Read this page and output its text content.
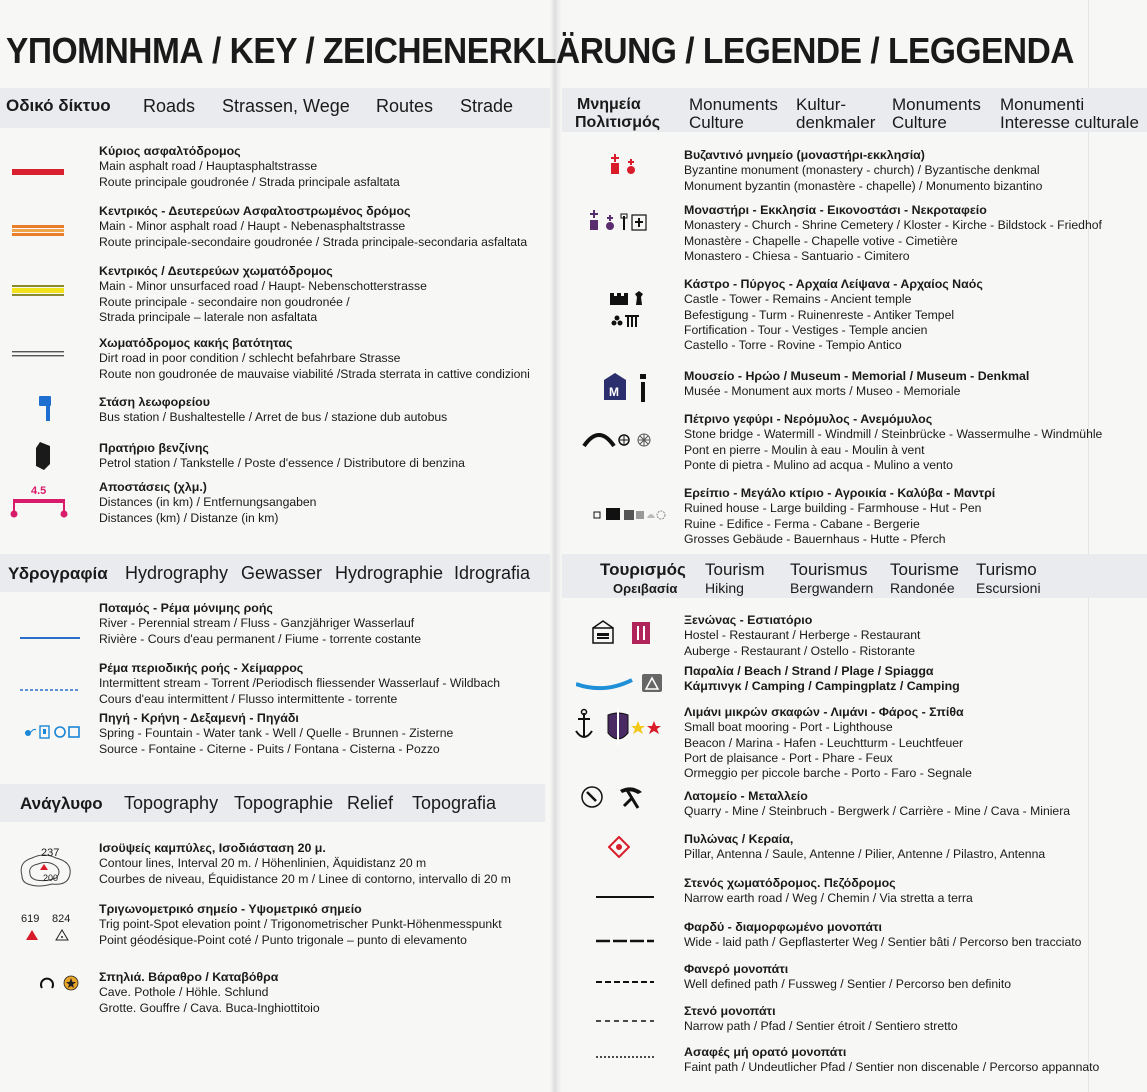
ΥΠΟΜΝΗΜΑ / KEY / ZEICHENERKLÄRUNG / LEGENDE / LEGGENDA
Οδικό δίκτυο Roads Strassen, Wege Routes Strade
Κύριος ασφαλτόδρομος
Main asphalt road / Hauptasphaltstrasse
Route principale goudronée / Strada principale asfaltata
Κεντρικός - Δευτερεύων Ασφαλτοστρωμένος δρόμος
Main - Minor asphalt road / Haupt - Nebenasphaltstrasse
Route principale-secondaire goudronée / Strada principale-secondaria asfaltata
Κεντρικός / Δευτερεύων χωματόδρομος
Main - Minor unsurfaced road / Haupt- Nebenschotterstrasse
Route principale - secondaire non goudronée /
Strada principale – laterale non asfaltata
Χωματόδρομος κακής βατότητας
Dirt road in poor condition / schlecht befahrbare Strasse
Route non goudronée de mauvaise viabilité /Strada sterrata in cattive condizioni
Στάση λεωφορείου
Bus station / Bushaltestelle / Arret de bus / stazione dub autobus
Πρατήριο βενζίνης
Petrol station / Tankstelle / Poste d'essence / Distributore di benzina
4.5	Αποστάσεις (χλμ.)
Distances (in km) / Entfernungsangaben
Distances (km) / Distanze (in km)
Υδρογραφία Hydrography Gewasser Hydrographie Idrografia
Ποταμός - Ρέμα μόνιμης ροής
River - Perennial stream / Fluss - Ganzjähriger Wasserlauf
Rivière - Cours d'eau permanent / Fiume - torrente costante
Ρέμα περιοδικής ροής - Χείμαρρος
Intermittent stream - Torrent /Periodisch fliessender Wasserlauf - Wildbach
Cours d'eau intermittent / Flusso intermittente - torrente
Πηγή - Κρήνη - Δεξαμενή - Πηγάδι
Spring - Fountain - Water tank - Well / Quelle - Brunnen - Zisterne
Source - Fontaine - Citerne - Puits / Fontana - Cisterna - Pozzo
Ανάγλυφο Topography Topographie Relief Topografia
237
200
Ισοϋψείς καμπύλες, Ισοδιάσταση 20 μ.
Contour lines, Interval 20 m. / Höhenlinien, Äquidistanz 20 m
Courbes de niveau, Équidistance 20 m / Linee di contorno, intervallo di 20 m
619 824
Τριγωνομετρικό σημείο - Υψομετρικό σημείο
Trig point-Spot elevation point / Trigonometrischer Punkt-Höhenmesspunkt
Point géodésique-Point coté / Punto trigonale – punto di elevamento
Σπηλιά. Βάραθρο / Καταβόθρα
Cave. Pothole / Höhle. Schlund
Grotte. Gouffre / Cava. Buca-Inghiottitoio
Μνημεία
Πολιτισμός
Monuments
Culture
Kultur-
denkmaler
Monuments
Culture
Monumenti
Interesse culturale
Βυζαντινό μνημείο (μοναστήρι-εκκλησία)
Byzantine monument (monastery - church) / Byzantische denkmal
Monument byzantin (monastère - chapelle) / Monumento bizantino
Μοναστήρι - Εκκλησία - Εικονοστάσι - Νεκροταφείο
Monastery - Church - Shrine Cemetery / Kloster - Kirche - Bildstock - Friedhof
Monastère - Chapelle - Chapelle votive - Cimetière
Monastero - Chiesa - Santuario - Cimitero
Κάστρο - Πύργος - Αρχαία Λείψανα - Αρχαίος Ναός
Castle - Tower - Remains - Ancient temple
Befestigung - Turm - Ruinenreste - Antiker Tempel
Fortification - Tour - Vestiges - Temple ancien
Castello - Torre - Rovine - Tempio Antico
M
Μουσείο - Ηρώο / Museum - Memorial / Museum - Denkmal
Musée - Monument aux morts / Museo - Memoriale
Πέτρινο γεφύρι - Νερόμυλος - Ανεμόμυλος
Stone bridge - Watermill - Windmill / Steinbrücke - Wassermulhe - Windmühle
Pont en pierre - Moulin à eau - Moulin à vent
Ponte di pietra - Mulino ad acqua - Mulino a vento
Ερείπιο - Μεγάλο κτίριο - Αγροικία - Καλύβα - Μαντρί
Ruined house - Large building - Farmhouse - Hut - Pen
Ruine - Edifice - Ferma - Cabane - Bergerie
Grosses Gebäude - Bauernhaus - Hutte - Pferch
Τουρισμός
Ορειβασία
Tourism
Hiking
Tourismus
Bergwandern
Tourisme
Randonée
Turismo
Escursioni
Ξενώνας - Εστιατόριο
Hostel - Restaurant / Herberge - Restaurant
Auberge - Restaurant / Ostello - Ristorante
Παραλία / Beach / Strand / Plage / Spiaggα
Κάμπινγκ / Camping / Campingplatz / Camping
Λιμάνι μικρών σκαφών - Λιμάνι - Φάρος - Σπίθα
Small boat mooring - Port - Lighthouse
Beacon / Marina - Hafen - Leuchtturm - Leuchtfeuer
Port de plaisance - Port - Phare - Feux
Ormeggio per piccole barche - Porto - Faro - Segnale
Λατομείο - Μεταλλείο
Quarry - Mine / Steinbruch - Bergwerk / Carrière - Mine / Cava - Miniera
Πυλώνας / Κεραία,
Pillar, Antenna / Saule, Antenne / Pilier, Antenne / Pilastro, Antenna
Στενός χωματόδρομος. Πεζόδρομος
Narrow earth road / Weg / Chemin / Via stretta a terra
Φαρδύ - διαμορφωμένο μονοπάτι
Wide - laid path / Gepflasterter Weg / Sentier bâti / Percorso ben tracciato
Φανερό μονοπάτι
Well defined path / Fussweg / Sentier / Percorso ben definito
Στενό μονοπάτι
Narrow path / Pfad / Sentier étroit / Sentiero stretto
Ασαφές μή ορατό μονοπάτι
Faint path / Undeutlicher Pfad / Sentier non discenable / Percorso appannato
